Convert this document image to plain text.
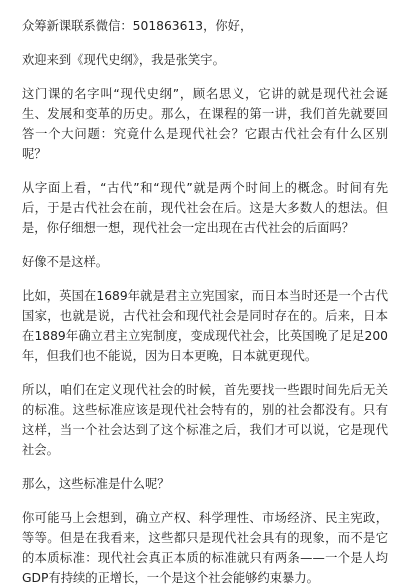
众筹新课联系微信：501863613，你好，

欢迎来到《现代史纲》，我是张笑宇。

这门课的名字叫“现代史纲”，顾名思义，它讲的就是现代社会诞生、发展和变革的历史。那么，在课程的第一讲，我们首先就要回答一个大问题：究竟什么是现代社会？它跟古代社会有什么区别呢？

从字面上看，“古代”和“现代”就是两个时间上的概念。时间有先后，于是古代社会在前，现代社会在后。这是大多数人的想法。但是，你仔细想一想，现代社会一定出现在古代社会的后面吗？

好像不是这样。

比如，英国在1689年就是君主立宪国家，而日本当时还是一个古代国家，也就是说，古代社会和现代社会是同时存在的。后来，日本在1889年确立君主立宪制度，变成现代社会，比英国晚了足足200年，但我们也不能说，因为日本更晚，日本就更现代。

所以，咱们在定义现代社会的时候，首先要找一些跟时间先后无关的标准。这些标准应该是现代社会特有的，别的社会都没有。只有这样，当一个社会达到了这个标准之后，我们才可以说，它是现代社会。

那么，这些标准是什么呢？

你可能马上会想到，确立产权、科学理性、市场经济、民主宪政，等等。但是在我看来，这些都只是现代社会具有的现象，而不是它的本质标准：现代社会真正本质的标准就只有两条——一个是人均GDP有持续的正增长，一个是这个社会能够约束暴力。
